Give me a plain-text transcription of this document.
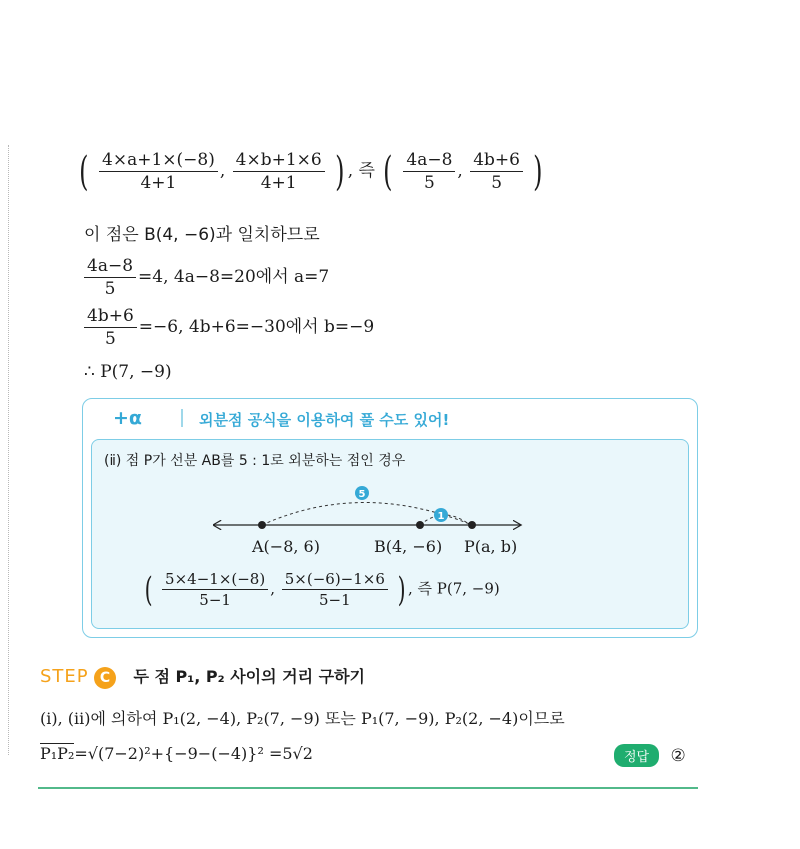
( $\frac{4\times a+1\times(-8)}{4+1}$ , $\frac{4\times b+1\times 6}{4+1}$ ) , 즉 ( $\frac{4a-8}{5}$ , $\frac{4b+6}{5}$ )
이 점은 B(4, −6)과 일치하므로
$\frac{4a-8}{5} =4$, 4a−8=20에서 a=7
$\frac{4b+6}{5} =-6$, 4b+6=−30에서 b=−9
∴ P(7, −9)
+α	외분점 공식을 이용하여 풀 수도 있어!
(ⅱ) 점 P가 선분 AB를 5 : 1로 외분하는 점인 경우
5
1
A(−8, 6)	B(4, −6) P(a, b)
( $\frac{5\times 4-1\times(-8)}{5-1}$ , $\frac{5\times(-6)-1\times 6}{5-1}$ ) , 즉 P(7, −9)
STEP C 두 점 P₁, P₂ 사이의 거리 구하기
(ⅰ), (ⅱ)에 의하여 P₁(2, −4), P₂(7, −9) 또는 P₁(7, −9), P₂(2, −4)이므로
P₁P₂=√(7−2)²+{−9−(−4)}² =5√2	정답 ②
